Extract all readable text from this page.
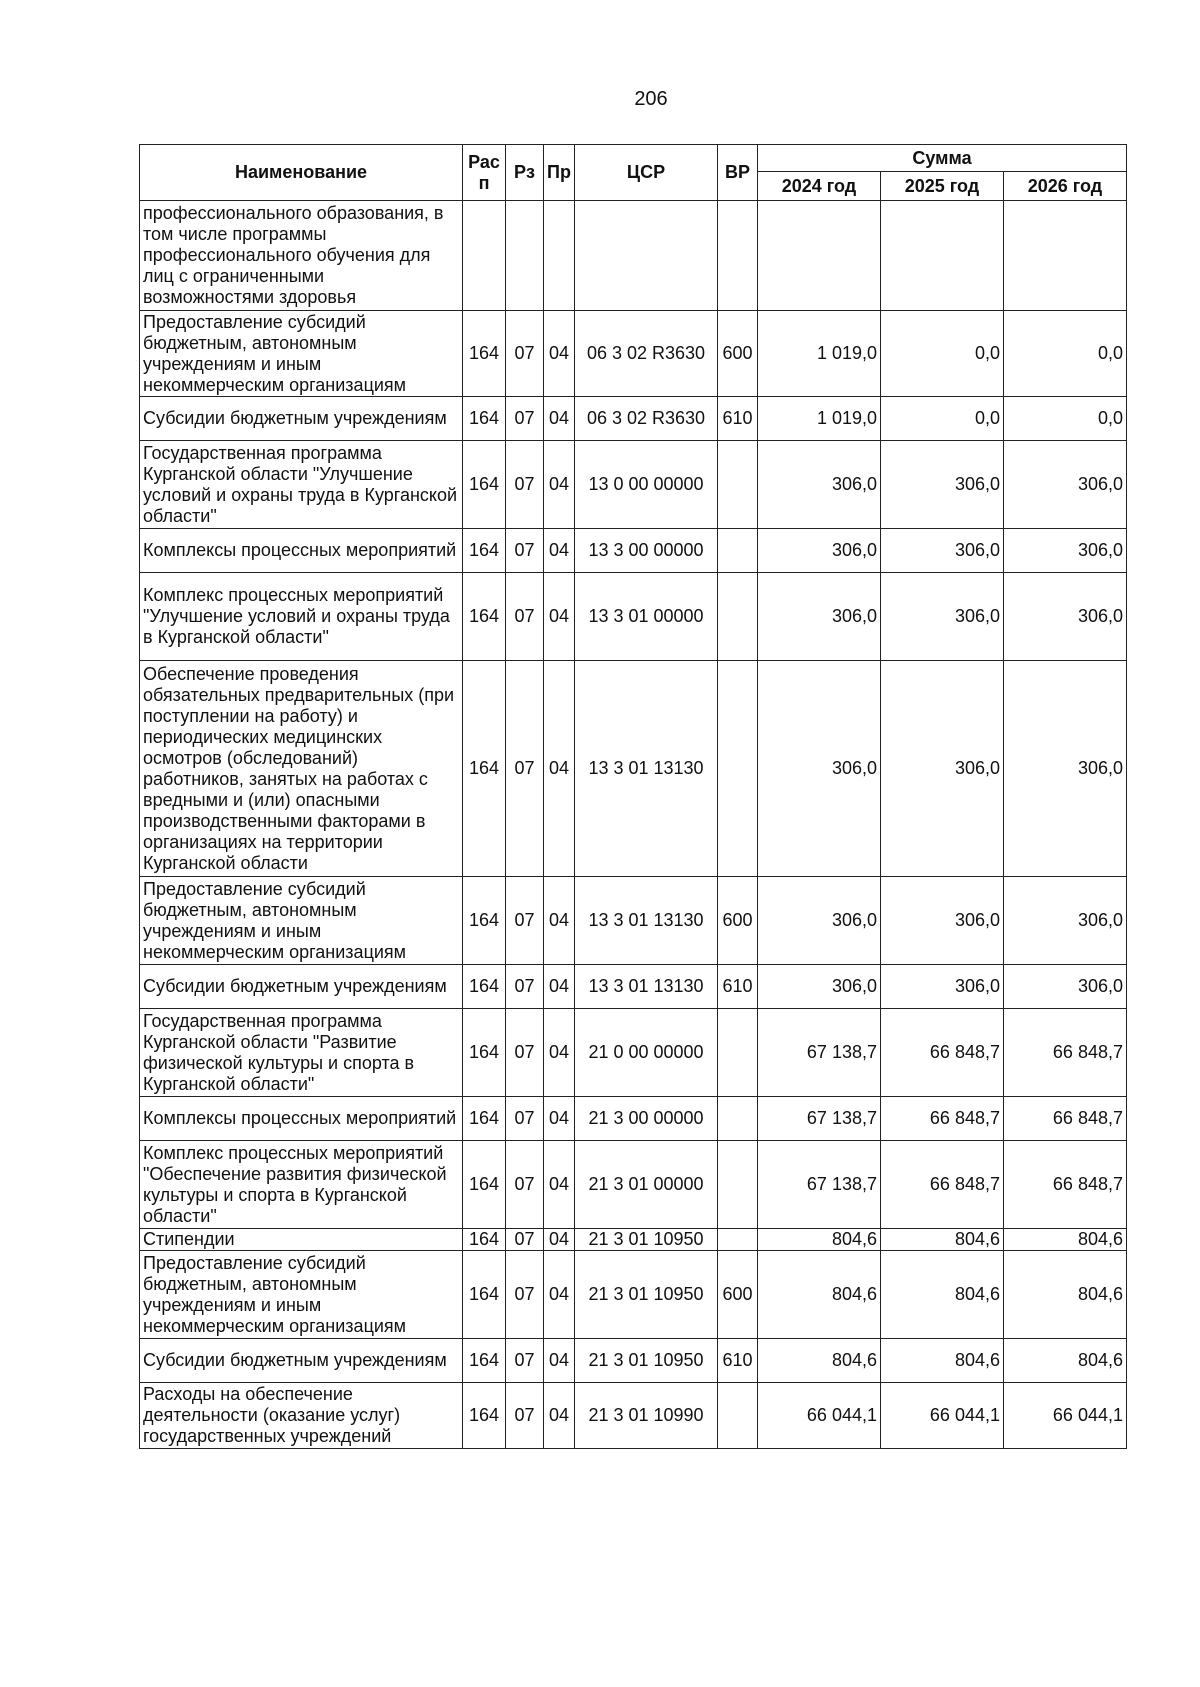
206
Наименование	Рас п	Рз	Пр	ЦСР	ВР	Сумма		
						2024 год	2025 год	2026 год
профессионального образования, в том числе программы профессионального обучения для лиц с ограниченными возможностями здоровья								
Предоставление субсидий бюджетным, автономным учреждениям и иным некоммерческим организациям	164	07	04	06 3 02 R3630	600	1 019,0	0,0	0,0
Субсидии бюджетным учреждениям	164	07	04	06 3 02 R3630	610	1 019,0	0,0	0,0
Государственная программа Курганской области "Улучшение условий и охраны труда в Курганской области"	164	07	04	13 0 00 00000		306,0	306,0	306,0
Комплексы процессных мероприятий	164	07	04	13 3 00 00000		306,0	306,0	306,0
Комплекс процессных мероприятий "Улучшение условий и охраны труда в Курганской области"	164	07	04	13 3 01 00000		306,0	306,0	306,0
Обеспечение проведения обязательных предварительных (при поступлении на работу) и периодических медицинских осмотров (обследований) работников, занятых на работах с вредными и (или) опасными производственными факторами в организациях на территории Курганской области	164	07	04	13 3 01 13130		306,0	306,0	306,0
Предоставление субсидий бюджетным, автономным учреждениям и иным некоммерческим организациям	164	07	04	13 3 01 13130	600	306,0	306,0	306,0
Субсидии бюджетным учреждениям	164	07	04	13 3 01 13130	610	306,0	306,0	306,0
Государственная программа Курганской области "Развитие физической культуры и спорта в Курганской области"	164	07	04	21 0 00 00000		67 138,7	66 848,7	66 848,7
Комплексы процессных мероприятий	164	07	04	21 3 00 00000		67 138,7	66 848,7	66 848,7
Комплекс процессных мероприятий "Обеспечение развития физической культуры и спорта в Курганской области"	164	07	04	21 3 01 00000		67 138,7	66 848,7	66 848,7
Стипендии	164	07	04	21 3 01 10950		804,6	804,6	804,6
Предоставление субсидий бюджетным, автономным учреждениям и иным некоммерческим организациям	164	07	04	21 3 01 10950	600	804,6	804,6	804,6
Субсидии бюджетным учреждениям	164	07	04	21 3 01 10950	610	804,6	804,6	804,6
Расходы на обеспечение деятельности (оказание услуг) государственных учреждений	164	07	04	21 3 01 10990		66 044,1	66 044,1	66 044,1
